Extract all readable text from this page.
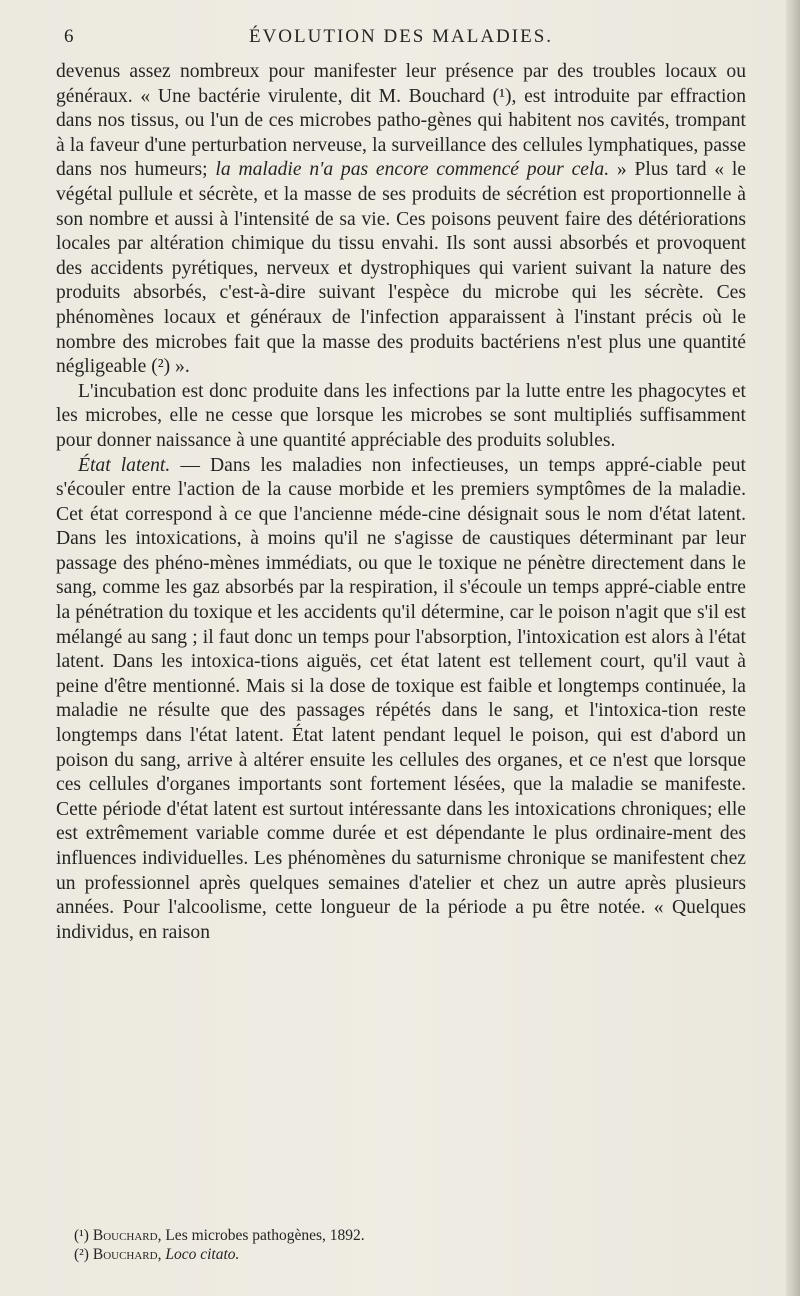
6	ÉVOLUTION DES MALADIES.

devenus assez nombreux pour manifester leur présence par des troubles locaux ou généraux. « Une bactérie virulente, dit M. Bouchard (¹), est introduite par effraction dans nos tissus, ou l'un de ces microbes patho-gènes qui habitent nos cavités, trompant à la faveur d'une perturbation nerveuse, la surveillance des cellules lymphatiques, passe dans nos humeurs; la maladie n'a pas encore commencé pour cela. » Plus tard « le végétal pullule et sécrète, et la masse de ses produits de sécrétion est proportionnelle à son nombre et aussi à l'intensité de sa vie. Ces poisons peuvent faire des détériorations locales par altération chimique du tissu envahi. Ils sont aussi absorbés et provoquent des accidents pyrétiques, nerveux et dystrophiques qui varient suivant la nature des produits absorbés, c'est-à-dire suivant l'espèce du microbe qui les sécrète. Ces phénomènes locaux et généraux de l'infection apparaissent à l'instant précis où le nombre des microbes fait que la masse des produits bactériens n'est plus une quantité négligeable (²) ».

L'incubation est donc produite dans les infections par la lutte entre les phagocytes et les microbes, elle ne cesse que lorsque les microbes se sont multipliés suffisamment pour donner naissance à une quantité appréciable des produits solubles.

État latent. — Dans les maladies non infectieuses, un temps appré-ciable peut s'écouler entre l'action de la cause morbide et les premiers symptômes de la maladie. Cet état correspond à ce que l'ancienne méde-cine désignait sous le nom d'état latent. Dans les intoxications, à moins qu'il ne s'agisse de caustiques déterminant par leur passage des phéno-mènes immédiats, ou que le toxique ne pénètre directement dans le sang, comme les gaz absorbés par la respiration, il s'écoule un temps appré-ciable entre la pénétration du toxique et les accidents qu'il détermine, car le poison n'agit que s'il est mélangé au sang ; il faut donc un temps pour l'absorption, l'intoxication est alors à l'état latent. Dans les intoxica-tions aiguës, cet état latent est tellement court, qu'il vaut à peine d'être mentionné. Mais si la dose de toxique est faible et longtemps continuée, la maladie ne résulte que des passages répétés dans le sang, et l'intoxica-tion reste longtemps dans l'état latent. État latent pendant lequel le poison, qui est d'abord un poison du sang, arrive à altérer ensuite les cellules des organes, et ce n'est que lorsque ces cellules d'organes importants sont fortement lésées, que la maladie se manifeste. Cette période d'état latent est surtout intéressante dans les intoxications chroniques; elle est extrêmement variable comme durée et est dépendante le plus ordinaire-ment des influences individuelles. Les phénomènes du saturnisme chronique se manifestent chez un professionnel après quelques semaines d'atelier et chez un autre après plusieurs années. Pour l'alcoolisme, cette longueur de la période a pu être notée. « Quelques individus, en raison

(¹) Bouchard, Les microbes pathogènes, 1892.
(²) Bouchard, Loco citato.
